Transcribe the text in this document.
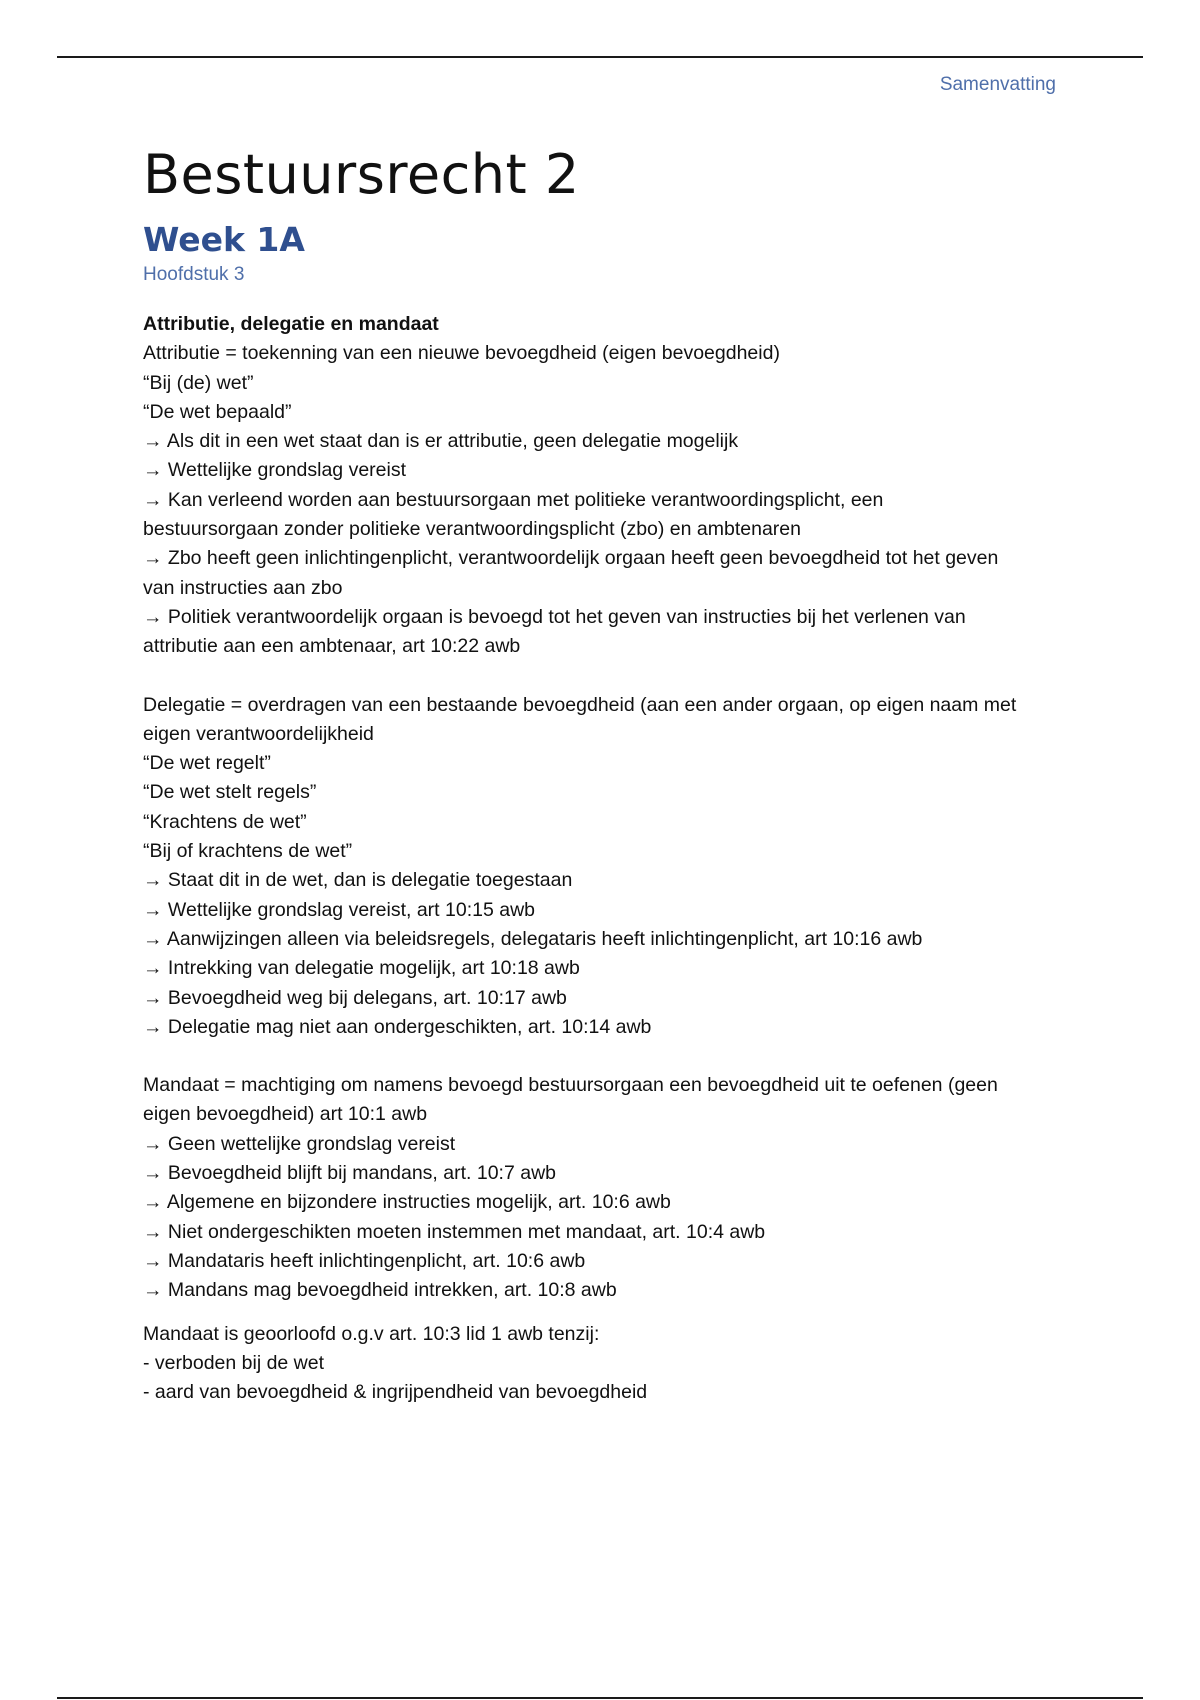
Samenvatting
Bestuursrecht 2
Week 1A
Hoofdstuk 3
Attributie, delegatie en mandaat
Attributie = toekenning van een nieuwe bevoegdheid (eigen bevoegdheid)
“Bij (de) wet”
“De wet bepaald”
→ Als dit in een wet staat dan is er attributie, geen delegatie mogelijk
→ Wettelijke grondslag vereist
→ Kan verleend worden aan bestuursorgaan met politieke verantwoordingsplicht, een
bestuursorgaan zonder politieke verantwoordingsplicht (zbo) en ambtenaren
→ Zbo heeft geen inlichtingenplicht, verantwoordelijk orgaan heeft geen bevoegdheid tot het geven
van instructies aan zbo
→ Politiek verantwoordelijk orgaan is bevoegd tot het geven van instructies bij het verlenen van
attributie aan een ambtenaar, art 10:22 awb
Delegatie = overdragen van een bestaande bevoegdheid (aan een ander orgaan, op eigen naam met
eigen verantwoordelijkheid
“De wet regelt”
“De wet stelt regels”
“Krachtens de wet”
“Bij of krachtens de wet”
→ Staat dit in de wet, dan is delegatie toegestaan
→ Wettelijke grondslag vereist, art 10:15 awb
→ Aanwijzingen alleen via beleidsregels, delegataris heeft inlichtingenplicht, art 10:16 awb
→ Intrekking van delegatie mogelijk, art 10:18 awb
→ Bevoegdheid weg bij delegans, art. 10:17 awb
→ Delegatie mag niet aan ondergeschikten, art. 10:14 awb
Mandaat = machtiging om namens bevoegd bestuursorgaan een bevoegdheid uit te oefenen (geen
eigen bevoegdheid) art 10:1 awb
→ Geen wettelijke grondslag vereist
→ Bevoegdheid blijft bij mandans, art. 10:7 awb
→ Algemene en bijzondere instructies mogelijk, art. 10:6 awb
→ Niet ondergeschikten moeten instemmen met mandaat, art. 10:4 awb
→ Mandataris heeft inlichtingenplicht, art. 10:6 awb
→ Mandans mag bevoegdheid intrekken, art. 10:8 awb
Mandaat is geoorloofd o.g.v art. 10:3 lid 1 awb tenzij:
- verboden bij de wet
- aard van bevoegdheid & ingrijpendheid van bevoegdheid
